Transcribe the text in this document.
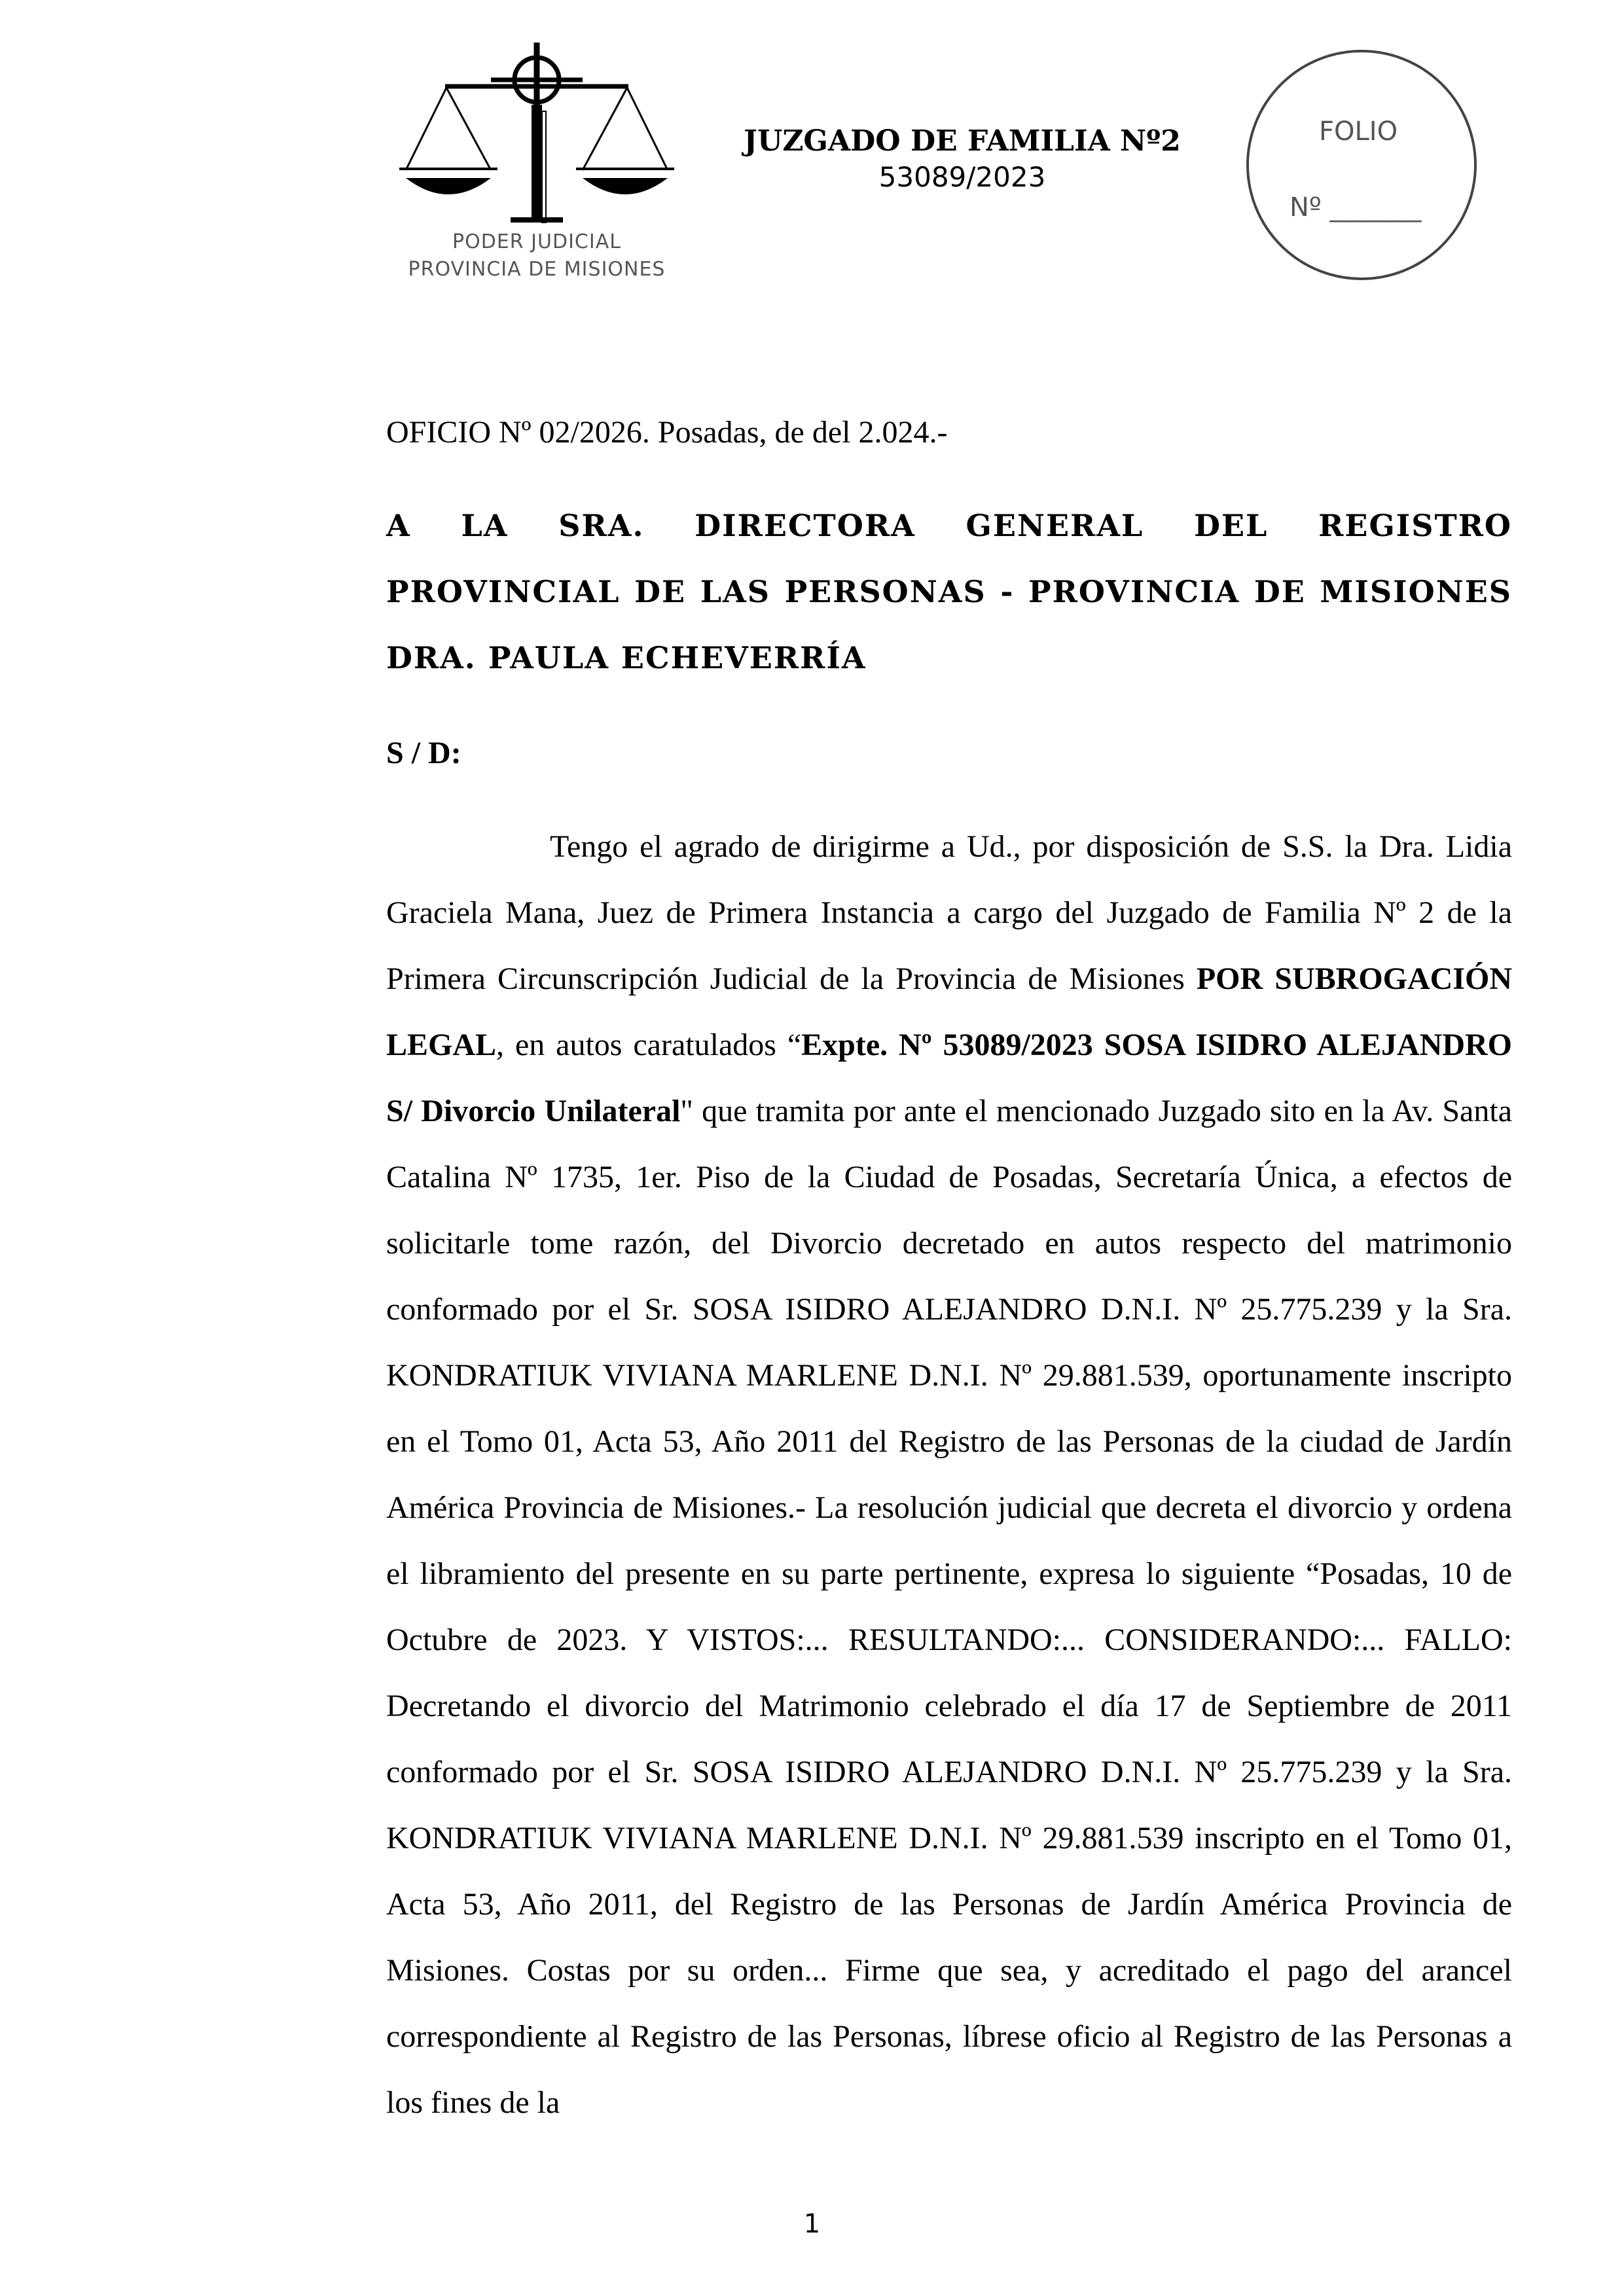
PODER JUDICIAL
PROVINCIA DE MISIONES
JUZGADO DE FAMILIA Nº2
53089/2023
FOLIO
Nº _______

OFICIO Nº 02/2026. Posadas, de del 2.024.-

A LA SRA. DIRECTORA GENERAL DEL REGISTRO PROVINCIAL DE LAS PERSONAS - PROVINCIA DE MISIONES DRA. PAULA ECHEVERRÍA

S / D:

Tengo el agrado de dirigirme a Ud., por disposición de S.S. la Dra. Lidia Graciela Mana, Juez de Primera Instancia a cargo del Juzgado de Familia Nº 2 de la Primera Circunscripción Judicial de la Provincia de Misiones POR SUBROGACIÓN LEGAL, en autos caratulados “Expte. Nº 53089/2023 SOSA ISIDRO ALEJANDRO S/ Divorcio Unilateral" que tramita por ante el mencionado Juzgado sito en la Av. Santa Catalina Nº 1735, 1er. Piso de la Ciudad de Posadas, Secretaría Única, a efectos de solicitarle tome razón, del Divorcio decretado en autos respecto del matrimonio conformado por el Sr. SOSA ISIDRO ALEJANDRO D.N.I. Nº 25.775.239 y la Sra. KONDRATIUK VIVIANA MARLENE D.N.I. Nº 29.881.539, oportunamente inscripto en el Tomo 01, Acta 53, Año 2011 del Registro de las Personas de la ciudad de Jardín América Provincia de Misiones.- La resolución judicial que decreta el divorcio y ordena el libramiento del presente en su parte pertinente, expresa lo siguiente “Posadas, 10 de Octubre de 2023. Y VISTOS:... RESULTANDO:... CONSIDERANDO:... FALLO: Decretando el divorcio del Matrimonio celebrado el día 17 de Septiembre de 2011 conformado por el Sr. SOSA ISIDRO ALEJANDRO D.N.I. Nº 25.775.239 y la Sra. KONDRATIUK VIVIANA MARLENE D.N.I. Nº 29.881.539 inscripto en el Tomo 01, Acta 53, Año 2011, del Registro de las Personas de Jardín América Provincia de Misiones. Costas por su orden... Firme que sea, y acreditado el pago del arancel correspondiente al Registro de las Personas, líbrese oficio al Registro de las Personas a los fines de la

1
